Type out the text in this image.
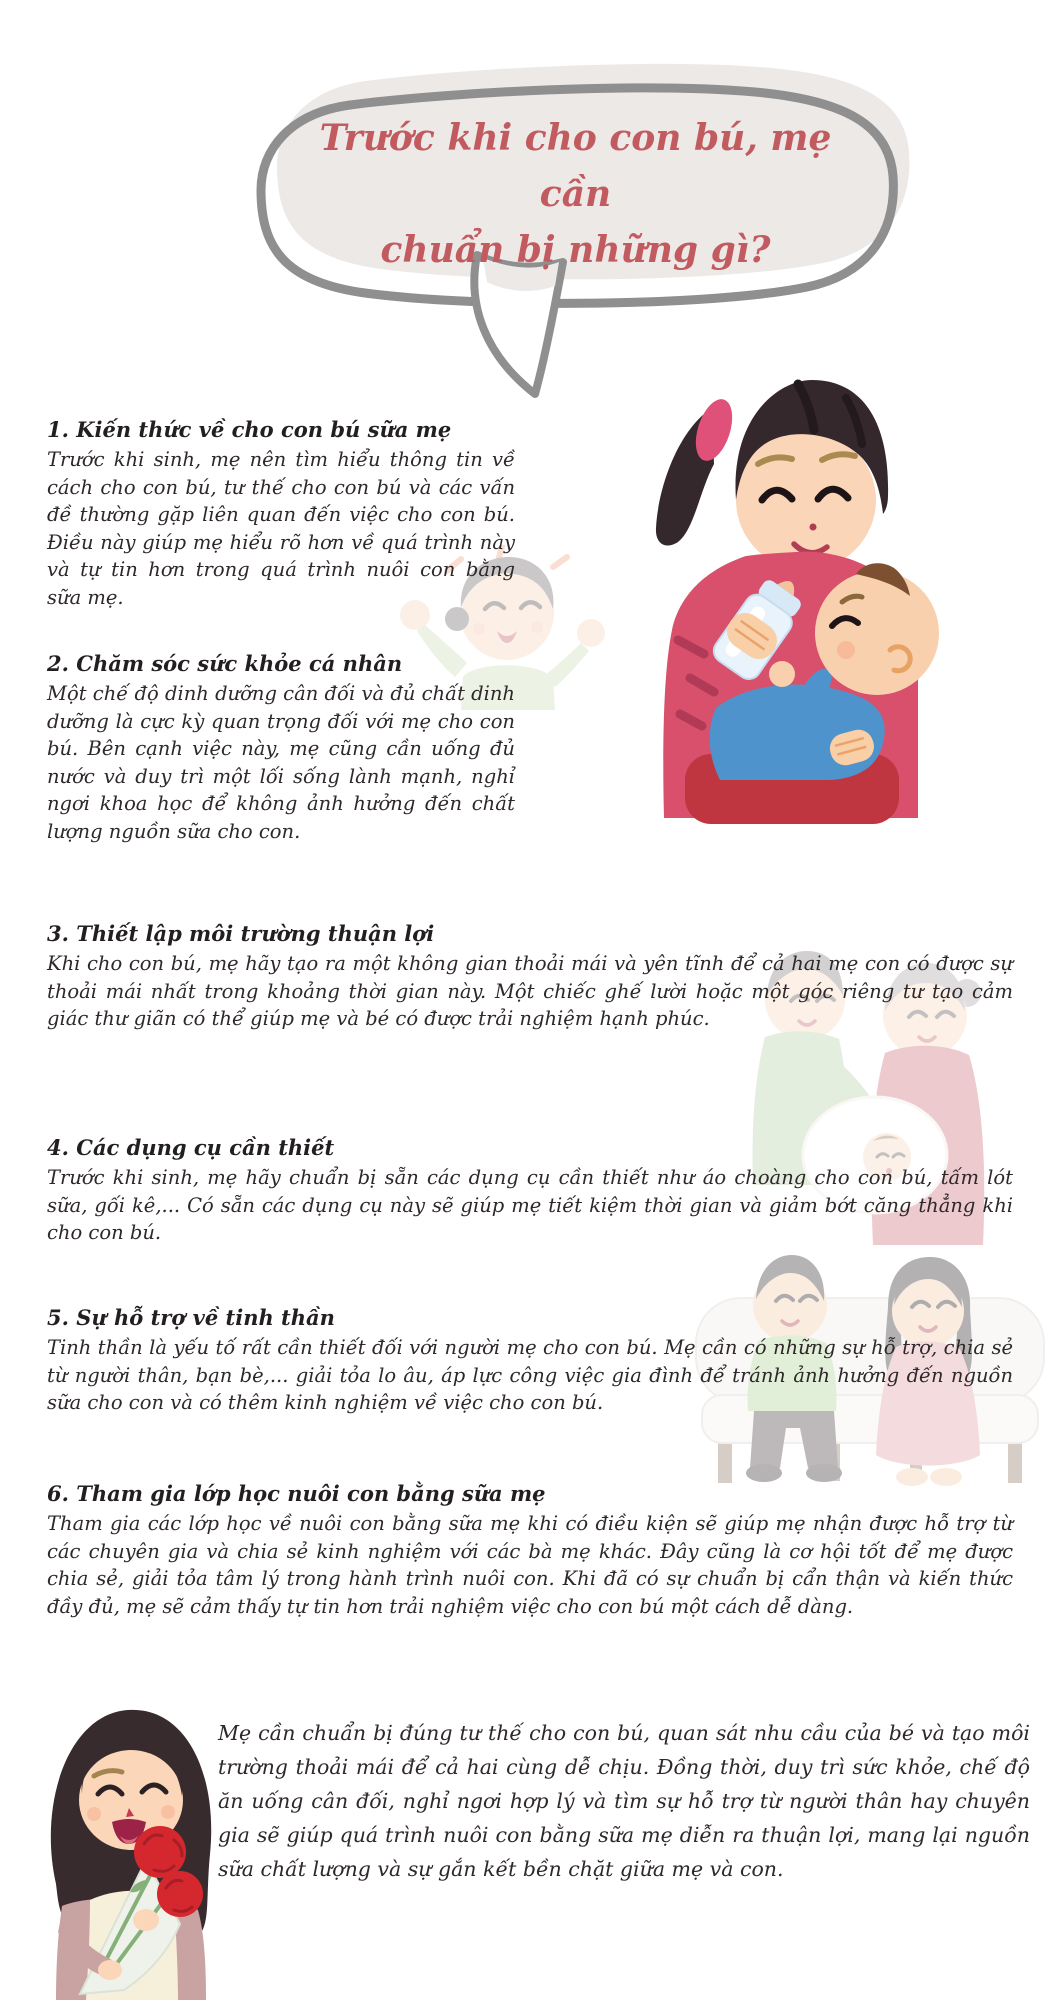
Trước khi cho con bú, mẹ cần
chuẩn bị những gì?
1. Kiến thức về cho con bú sữa mẹ

Trước khi sinh, mẹ nên tìm hiểu thông tin về cách cho con bú, tư thế cho con bú và các vấn đề thường gặp liên quan đến việc cho con bú. Điều này giúp mẹ hiểu rõ hơn về quá trình này và tự tin hơn trong quá trình nuôi con bằng sữa mẹ.

2. Chăm sóc sức khỏe cá nhân

Một chế độ dinh dưỡng cân đối và đủ chất dinh dưỡng là cực kỳ quan trọng đối với mẹ cho con bú. Bên cạnh việc này, mẹ cũng cần uống đủ nước và duy trì một lối sống lành mạnh, nghỉ ngơi khoa học để không ảnh hưởng đến chất lượng nguồn sữa cho con.

3. Thiết lập môi trường thuận lợi

Khi cho con bú, mẹ hãy tạo ra một không gian thoải mái và yên tĩnh để cả hai mẹ con có được sự thoải mái nhất trong khoảng thời gian này. Một chiếc ghế lười hoặc một góc riêng tư tạo cảm giác thư giãn có thể giúp mẹ và bé có được trải nghiệm hạnh phúc.

4. Các dụng cụ cần thiết

Trước khi sinh, mẹ hãy chuẩn bị sẵn các dụng cụ cần thiết như áo choàng cho con bú, tấm lót sữa, gối kê,... Có sẵn các dụng cụ này sẽ giúp mẹ tiết kiệm thời gian và giảm bớt căng thẳng khi cho con bú.

5. Sự hỗ trợ về tinh thần

Tinh thần là yếu tố rất cần thiết đối với người mẹ cho con bú. Mẹ cần có những sự hỗ trợ, chia sẻ từ người thân, bạn bè,... giải tỏa lo âu, áp lực công việc gia đình để tránh ảnh hưởng đến nguồn sữa cho con và có thêm kinh nghiệm về việc cho con bú.

6. Tham gia lớp học nuôi con bằng sữa mẹ

Tham gia các lớp học về nuôi con bằng sữa mẹ khi có điều kiện sẽ giúp mẹ nhận được hỗ trợ từ các chuyên gia và chia sẻ kinh nghiệm với các bà mẹ khác. Đây cũng là cơ hội tốt để mẹ được chia sẻ, giải tỏa tâm lý trong hành trình nuôi con. Khi đã có sự chuẩn bị cẩn thận và kiến thức đầy đủ, mẹ sẽ cảm thấy tự tin hơn trải nghiệm việc cho con bú một cách dễ dàng.

Mẹ cần chuẩn bị đúng tư thế cho con bú, quan sát nhu cầu của bé và tạo môi trường thoải mái để cả hai cùng dễ chịu. Đồng thời, duy trì sức khỏe, chế độ ăn uống cân đối, nghỉ ngơi hợp lý và tìm sự hỗ trợ từ người thân hay chuyên gia sẽ giúp quá trình nuôi con bằng sữa mẹ diễn ra thuận lợi, mang lại nguồn sữa chất lượng và sự gắn kết bền chặt giữa mẹ và con.
